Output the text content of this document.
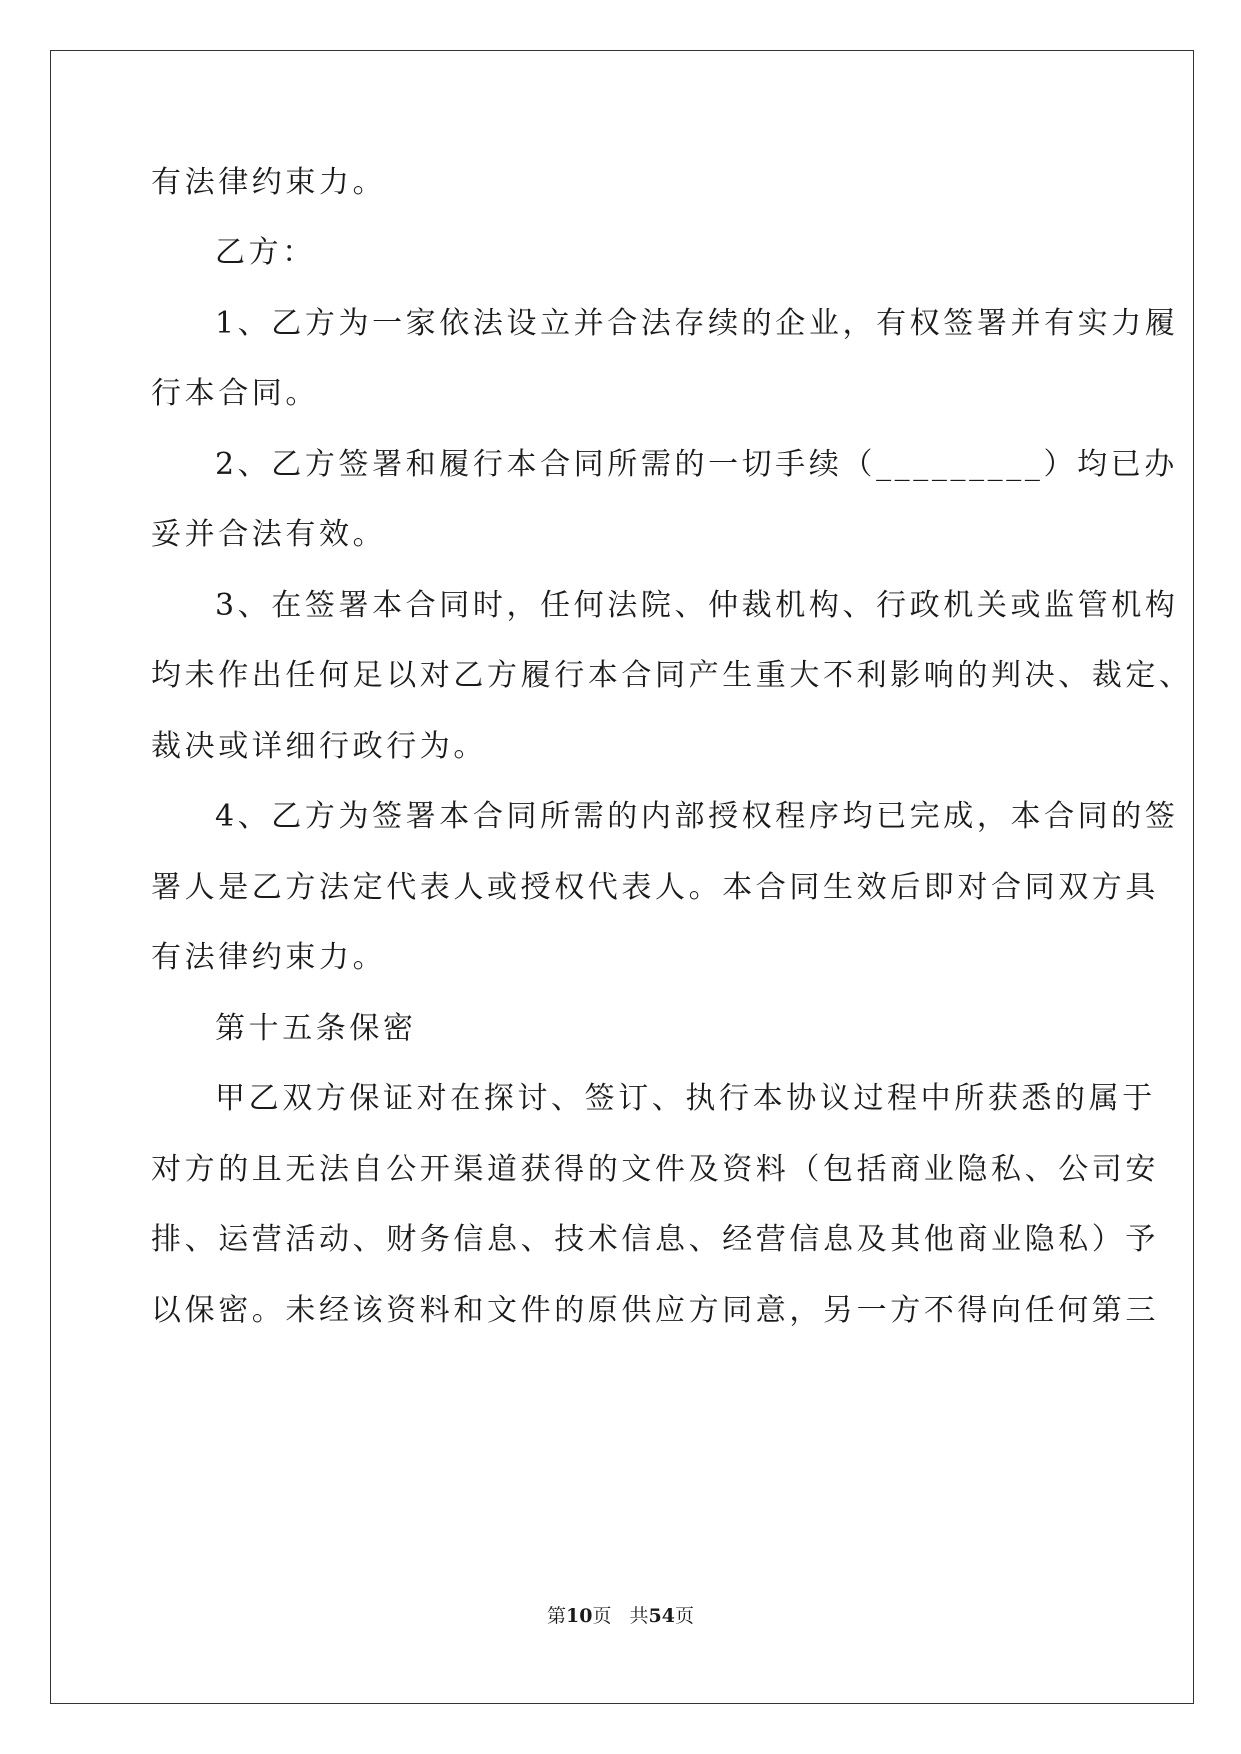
有法律约束力。
乙方：
1、乙方为一家依法设立并合法存续的企业，有权签署并有实力履
行本合同。
2、乙方签署和履行本合同所需的一切手续（_________）均已办
妥并合法有效。
3、在签署本合同时，任何法院、仲裁机构、行政机关或监管机构
均未作出任何足以对乙方履行本合同产生重大不利影响的判决、裁定、
裁决或详细行政行为。
4、乙方为签署本合同所需的内部授权程序均已完成，本合同的签
署人是乙方法定代表人或授权代表人。本合同生效后即对合同双方具
有法律约束力。
第十五条保密
甲乙双方保证对在探讨、签订、执行本协议过程中所获悉的属于
对方的且无法自公开渠道获得的文件及资料（包括商业隐私、公司安
排、运营活动、财务信息、技术信息、经营信息及其他商业隐私）予
以保密。未经该资料和文件的原供应方同意，另一方不得向任何第三
第10页 共54页
